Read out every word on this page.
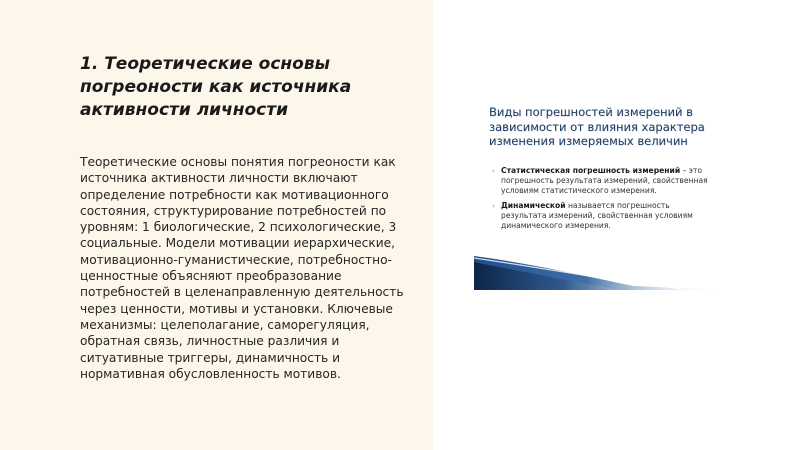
1. Теоретические основы погреоности как источника активности личности

Теоретические основы понятия погреоности как источника активности личности включают определение потребности как мотивационного состояния, структурирование потребностей по уровням: 1 биологические, 2 психологические, 3 социальные. Модели мотивации иерархические, мотивационно-гуманистические, потребностно-ценностные объясняют преобразование потребностей в целенаправленную деятельность через ценности, мотивы и установки. Ключевые механизмы: целеполагание, саморегуляция, обратная связь, личностные различия и ситуативные триггеры, динамичность и нормативная обусловленность мотивов.

Виды погрешностей измерений в зависимости от влияния характера изменения измеряемых величин
› Статистическая погрешность измерений – это погрешность результата измерений, свойственная условиям статистического измерения.
› Динамической называется погрешность результата измерений, свойственная условиям динамического измерения.
